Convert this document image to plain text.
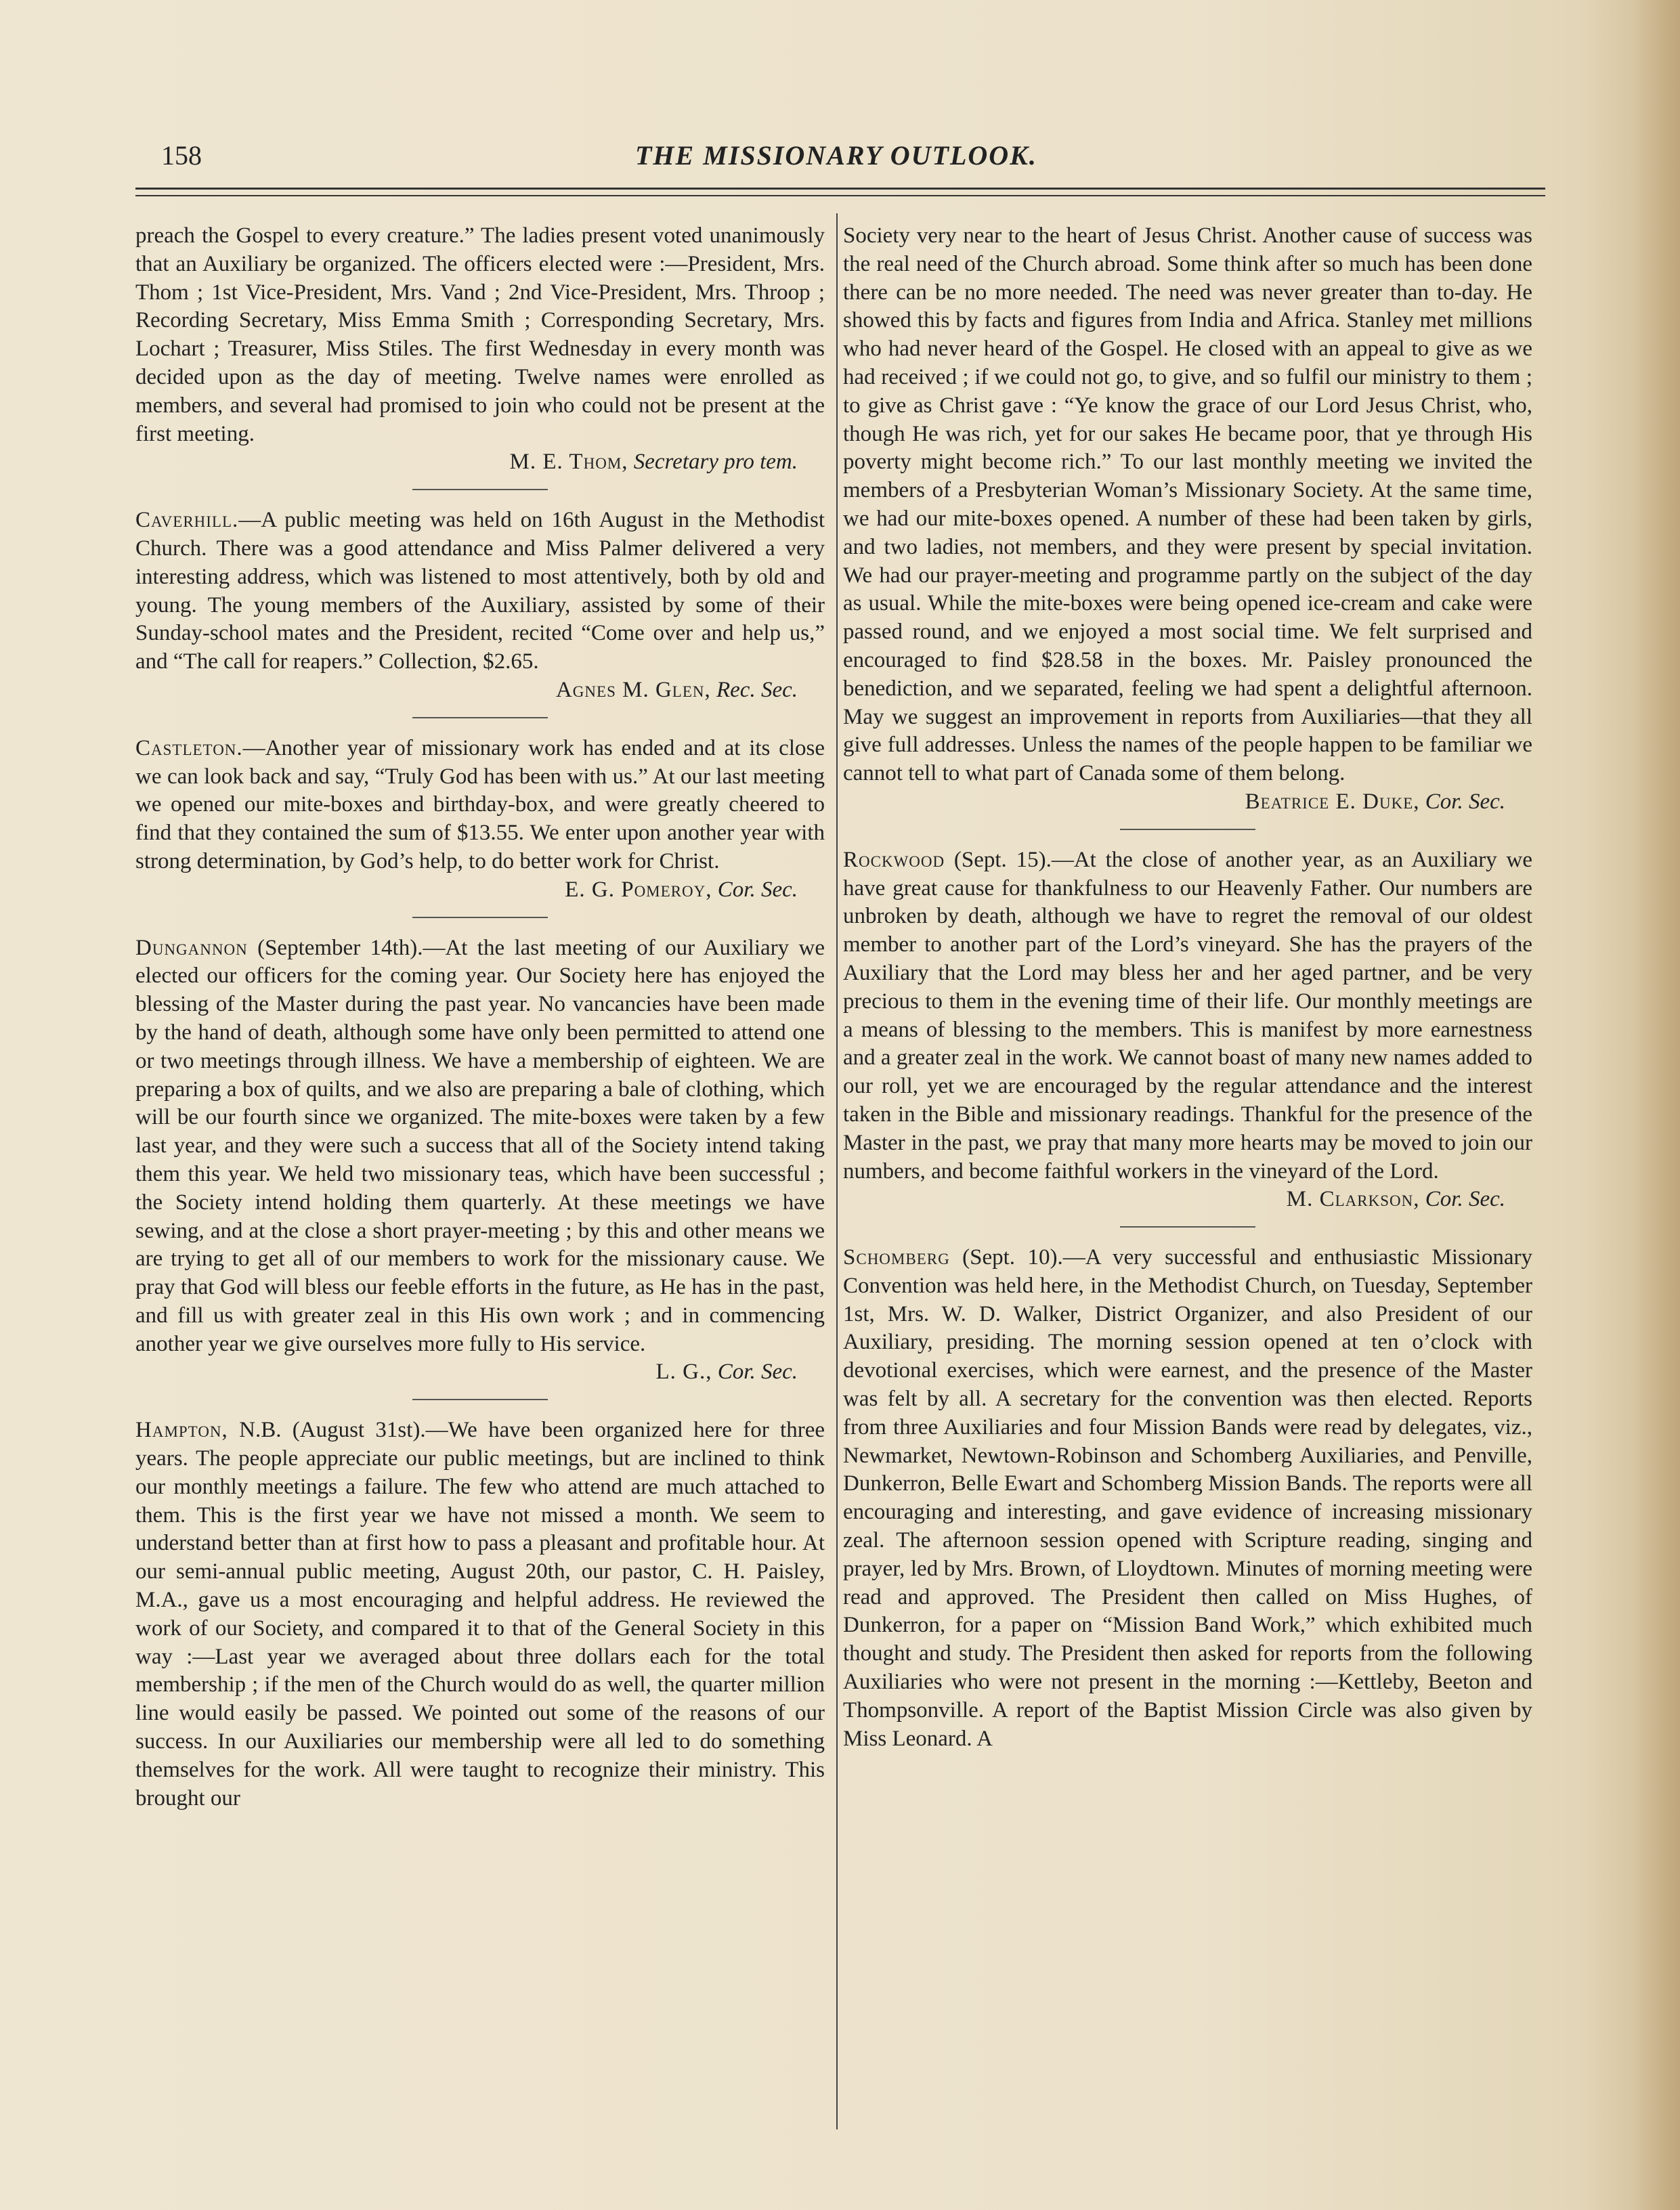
158	THE MISSIONARY OUTLOOK.

preach the Gospel to every creature.” The ladies present voted unanimously that an Auxiliary be organized. The officers elected were :—President, Mrs. Thom ; 1st Vice-President, Mrs. Vand ; 2nd Vice-President, Mrs. Throop ; Recording Secretary, Miss Emma Smith ; Corresponding Secretary, Mrs. Lochart ; Treasurer, Miss Stiles. The first Wednesday in every month was decided upon as the day of meeting. Twelve names were enrolled as members, and several had promised to join who could not be present at the first meeting.

M. E. Thom, Secretary pro tem.

Caverhill.—A public meeting was held on 16th August in the Methodist Church. There was a good attendance and Miss Palmer delivered a very interesting address, which was listened to most attentively, both by old and young. The young members of the Auxiliary, assisted by some of their Sunday-school mates and the President, recited “Come over and help us,” and “The call for reapers.” Collection, $2.65.

Agnes M. Glen, Rec. Sec.

Castleton.—Another year of missionary work has ended and at its close we can look back and say, “Truly God has been with us.” At our last meeting we opened our mite-boxes and birthday-box, and were greatly cheered to find that they contained the sum of $13.55. We enter upon another year with strong determination, by God’s help, to do better work for Christ.

E. G. Pomeroy, Cor. Sec.

Dungannon (September 14th).—At the last meeting of our Auxiliary we elected our officers for the coming year. Our Society here has enjoyed the blessing of the Master during the past year. No vancancies have been made by the hand of death, although some have only been permitted to attend one or two meetings through illness. We have a membership of eighteen. We are preparing a box of quilts, and we also are preparing a bale of clothing, which will be our fourth since we organized. The mite-boxes were taken by a few last year, and they were such a success that all of the Society intend taking them this year. We held two missionary teas, which have been successful ; the Society intend holding them quarterly. At these meetings we have sewing, and at the close a short prayer-meeting ; by this and other means we are trying to get all of our members to work for the missionary cause. We pray that God will bless our feeble efforts in the future, as He has in the past, and fill us with greater zeal in this His own work ; and in commencing another year we give ourselves more fully to His service.

L. G., Cor. Sec.

Hampton, N.B. (August 31st).—We have been organized here for three years. The people appreciate our public meetings, but are inclined to think our monthly meetings a failure. The few who attend are much attached to them. This is the first year we have not missed a month. We seem to understand better than at first how to pass a pleasant and profitable hour. At our semi-annual public meeting, August 20th, our pastor, C. H. Paisley, M.A., gave us a most encouraging and helpful address. He reviewed the work of our Society, and compared it to that of the General Society in this way :—Last year we averaged about three dollars each for the total membership ; if the men of the Church would do as well, the quarter million line would easily be passed. We pointed out some of the reasons of our success. In our Auxiliaries our membership were all led to do something themselves for the work. All were taught to recognize their ministry. This brought our

Society very near to the heart of Jesus Christ. Another cause of success was the real need of the Church abroad. Some think after so much has been done there can be no more needed. The need was never greater than to-day. He showed this by facts and figures from India and Africa. Stanley met millions who had never heard of the Gospel. He closed with an appeal to give as we had received ; if we could not go, to give, and so fulfil our ministry to them ; to give as Christ gave : “Ye know the grace of our Lord Jesus Christ, who, though He was rich, yet for our sakes He became poor, that ye through His poverty might become rich.” To our last monthly meeting we invited the members of a Presbyterian Woman’s Missionary Society. At the same time, we had our mite-boxes opened. A number of these had been taken by girls, and two ladies, not members, and they were present by special invitation. We had our prayer-meeting and programme partly on the subject of the day as usual. While the mite-boxes were being opened ice-cream and cake were passed round, and we enjoyed a most social time. We felt surprised and encouraged to find $28.58 in the boxes. Mr. Paisley pronounced the benediction, and we separated, feeling we had spent a delightful afternoon. May we suggest an improvement in reports from Auxiliaries—that they all give full addresses. Unless the names of the people happen to be familiar we cannot tell to what part of Canada some of them belong.

Beatrice E. Duke, Cor. Sec.

Rockwood (Sept. 15).—At the close of another year, as an Auxiliary we have great cause for thankfulness to our Heavenly Father. Our numbers are unbroken by death, although we have to regret the removal of our oldest member to another part of the Lord’s vineyard. She has the prayers of the Auxiliary that the Lord may bless her and her aged partner, and be very precious to them in the evening time of their life. Our monthly meetings are a means of blessing to the members. This is manifest by more earnestness and a greater zeal in the work. We cannot boast of many new names added to our roll, yet we are encouraged by the regular attendance and the interest taken in the Bible and missionary readings. Thankful for the presence of the Master in the past, we pray that many more hearts may be moved to join our numbers, and become faithful workers in the vineyard of the Lord.

M. Clarkson, Cor. Sec.

Schomberg (Sept. 10).—A very successful and enthusiastic Missionary Convention was held here, in the Methodist Church, on Tuesday, September 1st, Mrs. W. D. Walker, District Organizer, and also President of our Auxiliary, presiding. The morning session opened at ten o’clock with devotional exercises, which were earnest, and the presence of the Master was felt by all. A secretary for the convention was then elected. Reports from three Auxiliaries and four Mission Bands were read by delegates, viz., Newmarket, Newtown-Robinson and Schomberg Auxiliaries, and Penville, Dunkerron, Belle Ewart and Schomberg Mission Bands. The reports were all encouraging and interesting, and gave evidence of increasing missionary zeal. The afternoon session opened with Scripture reading, singing and prayer, led by Mrs. Brown, of Lloydtown. Minutes of morning meeting were read and approved. The President then called on Miss Hughes, of Dunkerron, for a paper on “Mission Band Work,” which exhibited much thought and study. The President then asked for reports from the following Auxiliaries who were not present in the morning :—Kettleby, Beeton and Thompsonville. A report of the Baptist Mission Circle was also given by Miss Leonard. A
